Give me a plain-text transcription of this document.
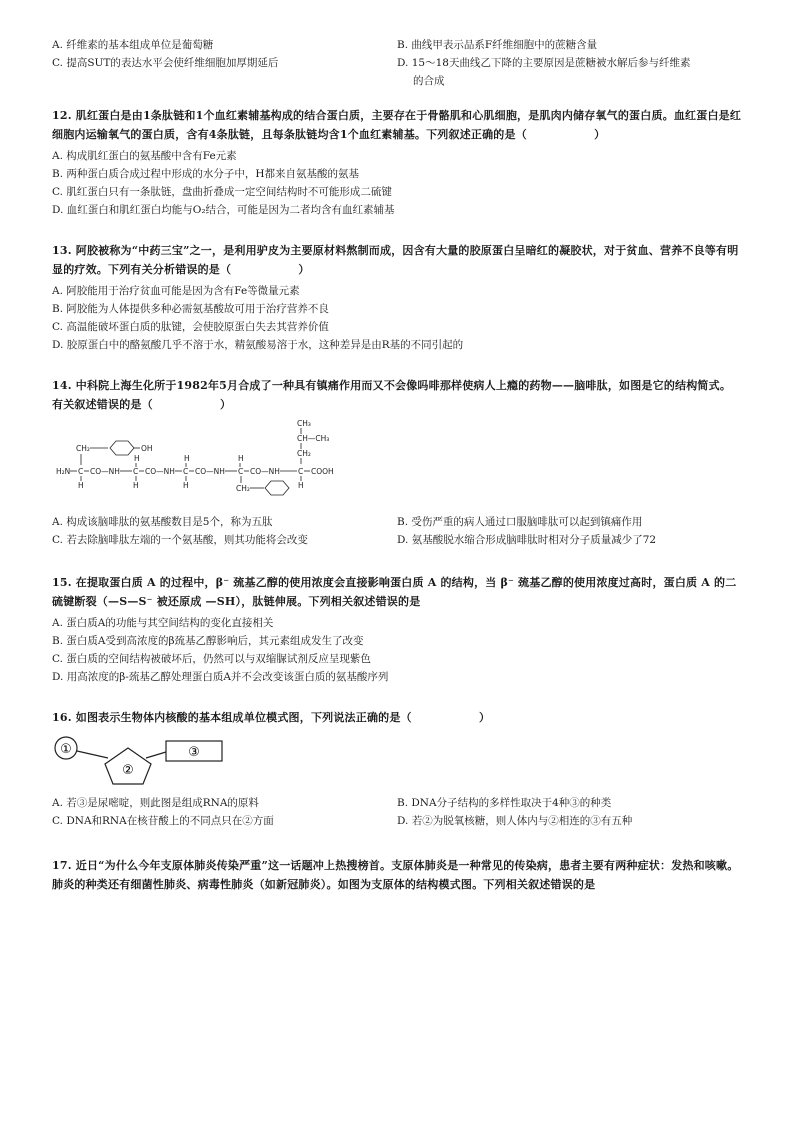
A. 纤维素的基本组成单位是葡萄糖	B. 曲线甲表示品系F纤维细胞中的蔗糖含量
C. 提高SUT的表达水平会使纤维细胞加厚期延后	D. 15～18天曲线乙下降的主要原因是蔗糖被水解后参与纤维素
的合成
12. 肌红蛋白是由1条肽链和1个血红素辅基构成的结合蛋白质，主要存在于骨骼肌和心肌细胞，是肌肉内储存氧气的蛋白质。血红蛋白是红细胞内运输氧气的蛋白质，含有4条肽链，且每条肽链均含1个血红素辅基。下列叙述正确的是（　　　　　　）
A. 构成肌红蛋白的氨基酸中含有Fe元素
B. 两种蛋白质合成过程中形成的水分子中，H都来自氨基酸的氨基
C. 肌红蛋白只有一条肽链，盘曲折叠成一定空间结构时不可能形成二硫键
D. 血红蛋白和肌红蛋白均能与O₂结合，可能是因为二者均含有血红素辅基
13. 阿胶被称为“中药三宝”之一，是利用驴皮为主要原材料熬制而成，因含有大量的胶原蛋白呈暗红的凝胶状，对于贫血、营养不良等有明显的疗效。下列有关分析错误的是（　　　　　　）
A. 阿胶能用于治疗贫血可能是因为含有Fe等微量元素
B. 阿胶能为人体提供多种必需氨基酸故可用于治疗营养不良
C. 高温能破坏蛋白质的肽键，会使胶原蛋白失去其营养价值
D. 胶原蛋白中的酪氨酸几乎不溶于水，精氨酸易溶于水，这种差异是由R基的不同引起的
14. 中科院上海生化所于1982年5月合成了一种具有镇痛作用而又不会像吗啡那样使病人上瘾的药物——脑啡肽，如图是它的结构简式。有关叙述错误的是（　　　　　　）
CH₃
CH—CH₃
CH₂
CH₂	OH
H	H	H
H₂N C CO—NH C CO—NH C CO—NH C CO—NH C COOH
H	H	H	H
CH₂
A. 构成该脑啡肽的氨基酸数目是5个，称为五肽	B. 受伤严重的病人通过口服脑啡肽可以起到镇痛作用
C. 若去除脑啡肽左端的一个氨基酸，则其功能将会改变	D. 氨基酸脱水缩合形成脑啡肽时相对分子质量减少了72
15. 在提取蛋白质 A 的过程中，β⁻ 巯基乙醇的使用浓度会直接影响蛋白质 A 的结构，当 β⁻ 巯基乙醇的使用浓度过高时，蛋白质 A 的二硫键断裂（—S—S⁻ 被还原成 —SH），肽链伸展。下列相关叙述错误的是
A. 蛋白质A的功能与其空间结构的变化直接相关
B. 蛋白质A受到高浓度的β巯基乙醇影响后，其元素组成发生了改变
C. 蛋白质的空间结构被破坏后，仍然可以与双缩脲试剂反应呈现紫色
D. 用高浓度的β-巯基乙醇处理蛋白质A并不会改变该蛋白质的氨基酸序列
16. 如图表示生物体内核酸的基本组成单位模式图，下列说法正确的是（　　　　　　）
①
②
③
A. 若③是尿嘧啶，则此图是组成RNA的原料	B. DNA分子结构的多样性取决于4种③的种类
C. DNA和RNA在核苷酸上的不同点只在②方面	D. 若②为脱氧核糖，则人体内与②相连的③有五种
17. 近日“为什么今年支原体肺炎传染严重”这一话题冲上热搜榜首。支原体肺炎是一种常见的传染病，患者主要有两种症状：发热和咳嗽。肺炎的种类还有细菌性肺炎、病毒性肺炎（如新冠肺炎）。如图为支原体的结构模式图。下列相关叙述错误的是
